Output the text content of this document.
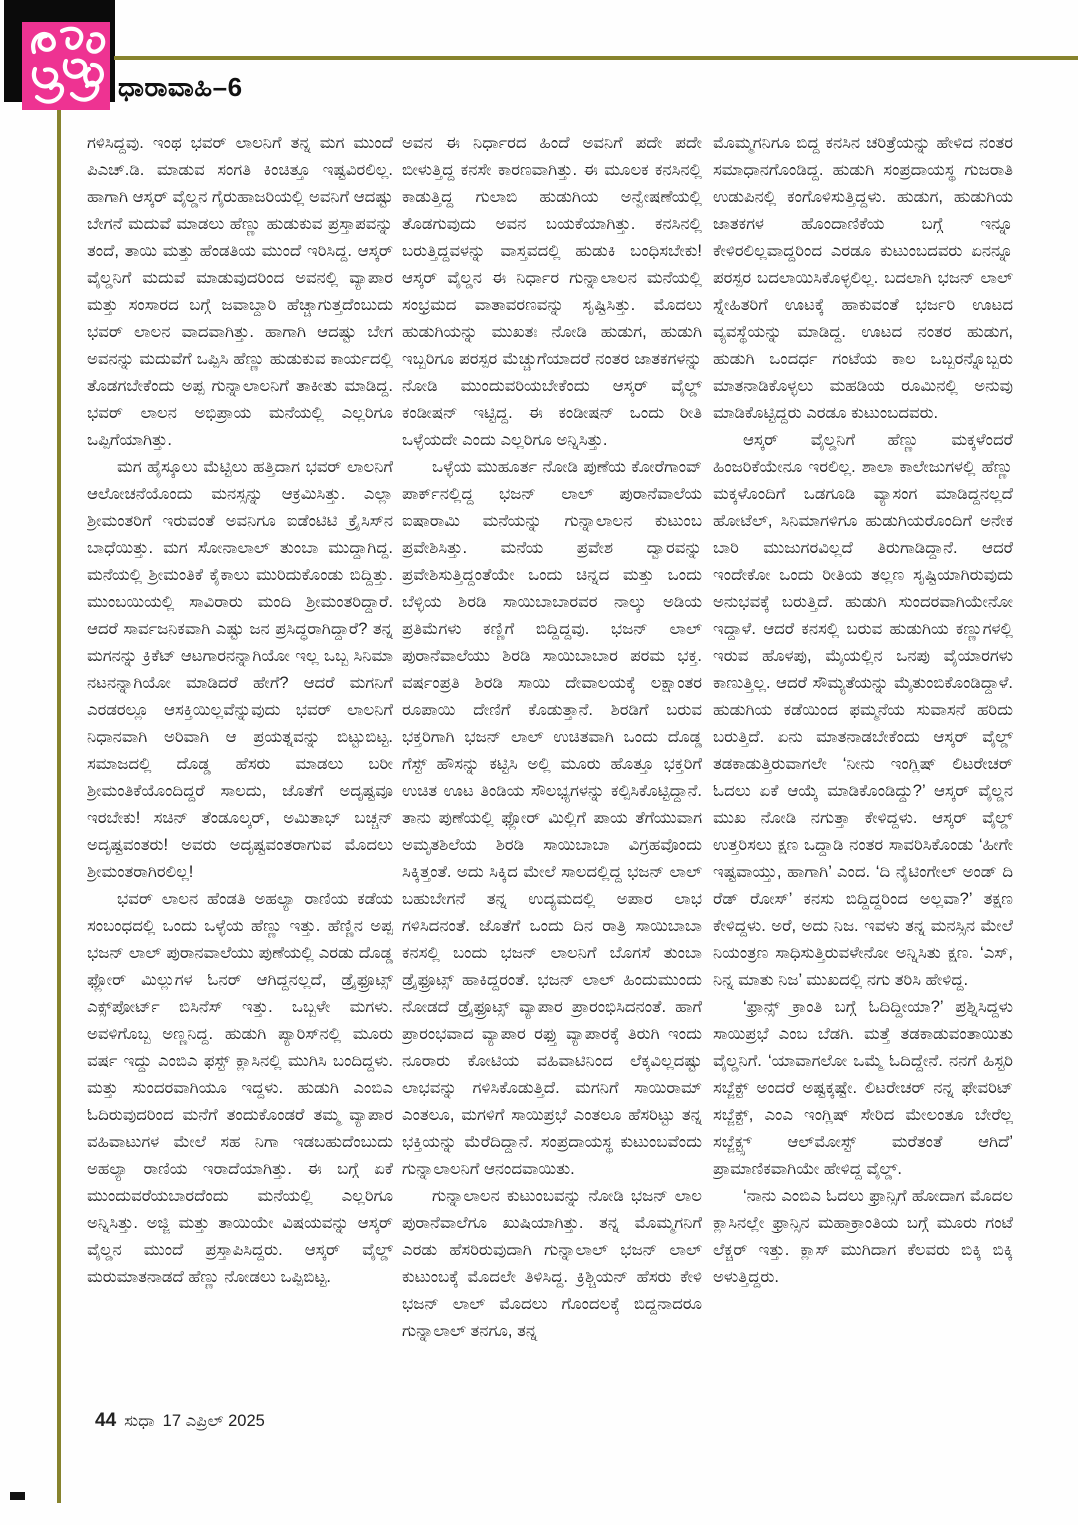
ಧಾರಾವಾಹಿ–6

ಗಳಿಸಿದ್ದವು. ಇಂಥ ಭವರ್ ಲಾಲನಿಗೆ ತನ್ನ ಮಗ ಮುಂದೆ ಪಿಎಚ್.ಡಿ. ಮಾಡುವ ಸಂಗತಿ ಕಿಂಚಿತ್ತೂ ಇಷ್ಟವಿರಲಿಲ್ಲ. ಹಾಗಾಗಿ ಆಸ್ಕರ್ ವೈಲ್ಡನ ಗೈರುಹಾಜರಿಯಲ್ಲಿ ಅವನಿಗೆ ಆದಷ್ಟು ಬೇಗನೆ ಮದುವೆ ಮಾಡಲು ಹೆಣ್ಣು ಹುಡುಕುವ ಪ್ರಸ್ತಾಪವನ್ನು ತಂದೆ, ತಾಯಿ ಮತ್ತು ಹೆಂಡತಿಯ ಮುಂದೆ ಇರಿಸಿದ್ದ. ಆಸ್ಕರ್ ವೈಲ್ಡನಿಗೆ ಮದುವೆ ಮಾಡುವುದರಿಂದ ಅವನಲ್ಲಿ ವ್ಯಾಪಾರ ಮತ್ತು ಸಂಸಾರದ ಬಗ್ಗೆ ಜವಾಬ್ದಾರಿ ಹೆಚ್ಚಾಗುತ್ತದೆಂಬುದು ಭವರ್ ಲಾಲನ ವಾದವಾಗಿತ್ತು. ಹಾಗಾಗಿ ಆದಷ್ಟು ಬೇಗ ಅವನನ್ನು ಮದುವೆಗೆ ಒಪ್ಪಿಸಿ ಹೆಣ್ಣು ಹುಡುಕುವ ಕಾರ್ಯದಲ್ಲಿ ತೊಡಗಬೇಕೆಂದು ಅಪ್ಪ ಗುನ್ನಾಲಾಲನಿಗೆ ತಾಕೀತು ಮಾಡಿದ್ದ. ಭವರ್ ಲಾಲನ ಅಭಿಪ್ರಾಯ ಮನೆಯಲ್ಲಿ ಎಲ್ಲರಿಗೂ ಒಪ್ಪಿಗೆಯಾಗಿತ್ತು.

ಮಗ ಹೈಸ್ಕೂಲು ಮೆಟ್ಟಿಲು ಹತ್ತಿದಾಗ ಭವರ್ ಲಾಲನಿಗೆ ಆಲೋಚನೆಯೊಂದು ಮನಸ್ಸನ್ನು ಆಕ್ರಮಿಸಿತ್ತು. ಎಲ್ಲಾ ಶ್ರೀಮಂತರಿಗೆ ಇರುವಂತೆ ಅವನಿಗೂ ಐಡೆಂಟಿಟಿ ಕ್ರೈಸಿಸ್‌ನ ಬಾಧೆಯಿತ್ತು. ಮಗ ಸೋನಾಲಾಲ್ ತುಂಬಾ ಮುದ್ದಾಗಿದ್ದ. ಮನೆಯಲ್ಲಿ ಶ್ರೀಮಂತಿಕೆ ಕೈಕಾಲು ಮುರಿದುಕೊಂಡು ಬಿದ್ದಿತ್ತು. ಮುಂಬಯಿಯಲ್ಲಿ ಸಾವಿರಾರು ಮಂದಿ ಶ್ರೀಮಂತರಿದ್ದಾರೆ. ಆದರೆ ಸಾರ್ವಜನಿಕವಾಗಿ ಎಷ್ಟು ಜನ ಪ್ರಸಿದ್ಧರಾಗಿದ್ದಾರೆ? ತನ್ನ ಮಗನನ್ನು ಕ್ರಿಕೆಟ್ ಆಟಗಾರನನ್ನಾಗಿಯೋ ಇಲ್ಲ ಒಬ್ಬ ಸಿನಿಮಾ ನಟನನ್ನಾಗಿಯೋ ಮಾಡಿದರೆ ಹೇಗೆ? ಆದರೆ ಮಗನಿಗೆ ಎರಡರಲ್ಲೂ ಆಸಕ್ತಿಯಿಲ್ಲವೆನ್ನುವುದು ಭವರ್ ಲಾಲನಿಗೆ ನಿಧಾನವಾಗಿ ಅರಿವಾಗಿ ಆ ಪ್ರಯತ್ನವನ್ನು ಬಿಟ್ಟುಬಿಟ್ಟ. ಸಮಾಜದಲ್ಲಿ ದೊಡ್ಡ ಹೆಸರು ಮಾಡಲು ಬರೀ ಶ್ರೀಮಂತಿಕೆಯೊಂದಿದ್ದರೆ ಸಾಲದು, ಜೊತೆಗೆ ಅದೃಷ್ಟವೂ ಇರಬೇಕು! ಸಚಿನ್ ತೆಂಡೂಲ್ಕರ್, ಅಮಿತಾಭ್ ಬಚ್ಚನ್ ಅದೃಷ್ಟವಂತರು! ಅವರು ಅದೃಷ್ಟವಂತರಾಗುವ ಮೊದಲು ಶ್ರೀಮಂತರಾಗಿರಲಿಲ್ಲ!

ಭವರ್ ಲಾಲನ ಹೆಂಡತಿ ಅಹಲ್ಯಾ ರಾಣಿಯ ಕಡೆಯ ಸಂಬಂಧದಲ್ಲಿ ಒಂದು ಒಳ್ಳೆಯ ಹೆಣ್ಣು ಇತ್ತು. ಹೆಣ್ಣಿನ ಅಪ್ಪ ಭಜನ್ ಲಾಲ್ ಪುರಾನವಾಲೆಯು ಪುಣೆಯಲ್ಲಿ ಎರಡು ದೊಡ್ಡ ಫ್ಲೋರ್ ಮಿಲ್ಲುಗಳ ಓನರ್ ಆಗಿದ್ದನಲ್ಲದೆ, ಡ್ರೈಫ್ರೂಟ್ಸ್ ಎಕ್ಸ್‌ಪೋರ್ಟ್ ಬಿಸಿನೆಸ್ ಇತ್ತು. ಒಬ್ಬಳೇ ಮಗಳು. ಅವಳಿಗೊಬ್ಬ ಅಣ್ಣನಿದ್ದ. ಹುಡುಗಿ ಪ್ಯಾರಿಸ್‌ನಲ್ಲಿ ಮೂರು ವರ್ಷ ಇದ್ದು ಎಂಬಿಎ ಫಸ್ಟ್ ಕ್ಲಾಸಿನಲ್ಲಿ ಮುಗಿಸಿ ಬಂದಿದ್ದಳು. ಮತ್ತು ಸುಂದರವಾಗಿಯೂ ಇದ್ದಳು. ಹುಡುಗಿ ಎಂಬಿಎ ಓದಿರುವುದರಿಂದ ಮನೆಗೆ ತಂದುಕೊಂಡರೆ ತಮ್ಮ ವ್ಯಾಪಾರ ವಹಿವಾಟುಗಳ ಮೇಲೆ ಸಹ ನಿಗಾ ಇಡಬಹುದೆಂಬುದು ಅಹಲ್ಯಾ ರಾಣಿಯ ಇರಾದೆಯಾಗಿತ್ತು. ಈ ಬಗ್ಗೆ ಏಕೆ ಮುಂದುವರೆಯಬಾರದೆಂದು ಮನೆಯಲ್ಲಿ ಎಲ್ಲರಿಗೂ ಅನ್ನಿಸಿತ್ತು. ಅಜ್ಜಿ ಮತ್ತು ತಾಯಿಯೇ ವಿಷಯವನ್ನು ಆಸ್ಕರ್ ವೈಲ್ಡನ ಮುಂದೆ ಪ್ರಸ್ತಾಪಿಸಿದ್ದರು. ಆಸ್ಕರ್ ವೈಲ್ಡ್ ಮರುಮಾತನಾಡದೆ ಹೆಣ್ಣು ನೋಡಲು ಒಪ್ಪಿಬಿಟ್ಟ.

ಅವನ ಈ ನಿರ್ಧಾರದ ಹಿಂದೆ ಅವನಿಗೆ ಪದೇ ಪದೇ ಬೀಳುತ್ತಿದ್ದ ಕನಸೇ ಕಾರಣವಾಗಿತ್ತು. ಈ ಮೂಲಕ ಕನಸಿನಲ್ಲಿ ಕಾಡುತ್ತಿದ್ದ ಗುಲಾಬಿ ಹುಡುಗಿಯ ಅನ್ವೇಷಣೆಯಲ್ಲಿ ತೊಡಗುವುದು ಅವನ ಬಯಕೆಯಾಗಿತ್ತು. ಕನಸಿನಲ್ಲಿ ಬರುತ್ತಿದ್ದವಳನ್ನು ವಾಸ್ತವದಲ್ಲಿ ಹುಡುಕಿ ಬಂಧಿಸಬೇಕು! ಆಸ್ಕರ್ ವೈಲ್ಡನ ಈ ನಿರ್ಧಾರ ಗುನ್ನಾಲಾಲನ ಮನೆಯಲ್ಲಿ ಸಂಭ್ರಮದ ವಾತಾವರಣವನ್ನು ಸೃಷ್ಟಿಸಿತ್ತು. ಮೊದಲು ಹುಡುಗಿಯನ್ನು ಮುಖತಃ ನೋಡಿ ಹುಡುಗ, ಹುಡುಗಿ ಇಬ್ಬರಿಗೂ ಪರಸ್ಪರ ಮೆಚ್ಚುಗೆಯಾದರೆ ನಂತರ ಜಾತಕಗಳನ್ನು ನೋಡಿ ಮುಂದುವರಿಯಬೇಕೆಂದು ಆಸ್ಕರ್ ವೈಲ್ಡ್ ಕಂಡೀಷನ್ ಇಟ್ಟಿದ್ದ. ಈ ಕಂಡೀಷನ್ ಒಂದು ರೀತಿ ಒಳ್ಳೆಯದೇ ಎಂದು ಎಲ್ಲರಿಗೂ ಅನ್ನಿಸಿತ್ತು.

ಒಳ್ಳೆಯ ಮುಹೂರ್ತ ನೋಡಿ ಪುಣೆಯ ಕೋರೆಗಾಂವ್ ಪಾರ್ಕ್‌ನಲ್ಲಿದ್ದ ಭಜನ್ ಲಾಲ್ ಪುರಾನೆವಾಲೆಯ ಐಷಾರಾಮಿ ಮನೆಯನ್ನು ಗುನ್ನಾಲಾಲನ ಕುಟುಂಬ ಪ್ರವೇಶಿಸಿತ್ತು. ಮನೆಯ ಪ್ರವೇಶ ದ್ವಾರವನ್ನು ಪ್ರವೇಶಿಸುತ್ತಿದ್ದಂತೆಯೇ ಒಂದು ಚಿನ್ನದ ಮತ್ತು ಒಂದು ಬೆಳ್ಳಿಯ ಶಿರಡಿ ಸಾಯಿಬಾಬಾರವರ ನಾಲ್ಕು ಅಡಿಯ ಪ್ರತಿಮೆಗಳು ಕಣ್ಣಿಗೆ ಬಿದ್ದಿದ್ದವು. ಭಜನ್ ಲಾಲ್ ಪುರಾನೆವಾಲೆಯು ಶಿರಡಿ ಸಾಯಿಬಾಬಾರ ಪರಮ ಭಕ್ತ. ವರ್ಷಂಪ್ರತಿ ಶಿರಡಿ ಸಾಯಿ ದೇವಾಲಯಕ್ಕೆ ಲಕ್ಷಾಂತರ ರೂಪಾಯಿ ದೇಣಿಗೆ ಕೊಡುತ್ತಾನೆ. ಶಿರಡಿಗೆ ಬರುವ ಭಕ್ತರಿಗಾಗಿ ಭಜನ್ ಲಾಲ್ ಉಚಿತವಾಗಿ ಒಂದು ದೊಡ್ಡ ಗೆಸ್ಟ್ ಹೌಸನ್ನು ಕಟ್ಟಿಸಿ ಅಲ್ಲಿ ಮೂರು ಹೊತ್ತೂ ಭಕ್ತರಿಗೆ ಉಚಿತ ಊಟ ತಿಂಡಿಯ ಸೌಲಭ್ಯಗಳನ್ನು ಕಲ್ಪಿಸಿಕೊಟ್ಟಿದ್ದಾನೆ. ತಾನು ಪುಣೆಯಲ್ಲಿ ಫ್ಲೋರ್ ಮಿಲ್ಲಿಗೆ ಪಾಯ ತೆಗೆಯುವಾಗ ಅಮೃತಶಿಲೆಯ ಶಿರಡಿ ಸಾಯಿಬಾಬಾ ವಿಗ್ರಹವೊಂದು ಸಿಕ್ಕಿತ್ತಂತೆ. ಅದು ಸಿಕ್ಕಿದ ಮೇಲೆ ಸಾಲದಲ್ಲಿದ್ದ ಭಜನ್ ಲಾಲ್ ಬಹುಬೇಗನೆ ತನ್ನ ಉದ್ಯಮದಲ್ಲಿ ಅಪಾರ ಲಾಭ ಗಳಿಸಿದನಂತೆ. ಜೊತೆಗೆ ಒಂದು ದಿನ ರಾತ್ರಿ ಸಾಯಿಬಾಬಾ ಕನಸಲ್ಲಿ ಬಂದು ಭಜನ್ ಲಾಲನಿಗೆ ಬೊಗಸೆ ತುಂಬಾ ಡ್ರೈಫ್ರೂಟ್ಸ್ ಹಾಕಿದ್ದರಂತೆ. ಭಜನ್ ಲಾಲ್ ಹಿಂದುಮುಂದು ನೋಡದೆ ಡ್ರೈಫ್ರೂಟ್ಸ್ ವ್ಯಾಪಾರ ಪ್ರಾರಂಭಿಸಿದನಂತೆ. ಹಾಗೆ ಪ್ರಾರಂಭವಾದ ವ್ಯಾಪಾರ ರಫ್ತು ವ್ಯಾಪಾರಕ್ಕೆ ತಿರುಗಿ ಇಂದು ನೂರಾರು ಕೋಟಿಯ ವಹಿವಾಟಿನಿಂದ ಲೆಕ್ಕವಿಲ್ಲದಷ್ಟು ಲಾಭವನ್ನು ಗಳಿಸಿಕೊಡುತ್ತಿದೆ. ಮಗನಿಗೆ ಸಾಯಿರಾಮ್ ಎಂತಲೂ, ಮಗಳಿಗೆ ಸಾಯಿಪ್ರಭೆ ಎಂತಲೂ ಹೆಸರಿಟ್ಟು ತನ್ನ ಭಕ್ತಿಯನ್ನು ಮೆರೆದಿದ್ದಾನೆ. ಸಂಪ್ರದಾಯಸ್ಥ ಕುಟುಂಬವೆಂದು ಗುನ್ನಾಲಾಲನಿಗೆ ಆನಂದವಾಯಿತು.

ಗುನ್ನಾಲಾಲನ ಕುಟುಂಬವನ್ನು ನೋಡಿ ಭಜನ್ ಲಾಲ ಪುರಾನೆವಾಲೆಗೂ ಖುಷಿಯಾಗಿತ್ತು. ತನ್ನ ಮೊಮ್ಮಗನಿಗೆ ಎರಡು ಹೆಸರಿರುವುದಾಗಿ ಗುನ್ನಾಲಾಲ್ ಭಜನ್ ಲಾಲ್ ಕುಟುಂಬಕ್ಕೆ ಮೊದಲೇ ತಿಳಿಸಿದ್ದ. ಕ್ರಿಶ್ಚಿಯನ್ ಹೆಸರು ಕೇಳಿ ಭಜನ್ ಲಾಲ್ ಮೊದಲು ಗೊಂದಲಕ್ಕೆ ಬಿದ್ದನಾದರೂ ಗುನ್ನಾಲಾಲ್ ತನಗೂ, ತನ್ನ

ಮೊಮ್ಮಗನಿಗೂ ಬಿದ್ದ ಕನಸಿನ ಚರಿತ್ರೆಯನ್ನು ಹೇಳಿದ ನಂತರ ಸಮಾಧಾನಗೊಂಡಿದ್ದ. ಹುಡುಗಿ ಸಂಪ್ರದಾಯಸ್ಥ ಗುಜರಾತಿ ಉಡುಪಿನಲ್ಲಿ ಕಂಗೊಳಿಸುತ್ತಿದ್ದಳು. ಹುಡುಗ, ಹುಡುಗಿಯ ಜಾತಕಗಳ ಹೊಂದಾಣಿಕೆಯ ಬಗ್ಗೆ ಇನ್ನೂ ಕೇಳಿರಲಿಲ್ಲವಾದ್ದರಿಂದ ಎರಡೂ ಕುಟುಂಬದವರು ಏನನ್ನೂ ಪರಸ್ಪರ ಬದಲಾಯಿಸಿಕೊಳ್ಳಲಿಲ್ಲ. ಬದಲಾಗಿ ಭಜನ್ ಲಾಲ್ ಸ್ನೇಹಿತರಿಗೆ ಊಟಕ್ಕೆ ಹಾಕುವಂತೆ ಭರ್ಜರಿ ಊಟದ ವ್ಯವಸ್ಥೆಯನ್ನು ಮಾಡಿದ್ದ. ಊಟದ ನಂತರ ಹುಡುಗ, ಹುಡುಗಿ ಒಂದರ್ಧ ಗಂಟೆಯ ಕಾಲ ಒಬ್ಬರನ್ನೊಬ್ಬರು ಮಾತನಾಡಿಕೊಳ್ಳಲು ಮಹಡಿಯ ರೂಮಿನಲ್ಲಿ ಅನುವು ಮಾಡಿಕೊಟ್ಟಿದ್ದರು ಎರಡೂ ಕುಟುಂಬದವರು.

ಆಸ್ಕರ್ ವೈಲ್ಡನಿಗೆ ಹೆಣ್ಣು ಮಕ್ಕಳೆಂದರೆ ಹಿಂಜರಿಕೆಯೇನೂ ಇರಲಿಲ್ಲ. ಶಾಲಾ ಕಾಲೇಜುಗಳಲ್ಲಿ ಹೆಣ್ಣು ಮಕ್ಕಳೊಂದಿಗೆ ಒಡಗೂಡಿ ವ್ಯಾಸಂಗ ಮಾಡಿದ್ದನಲ್ಲದೆ ಹೋಟೆಲ್, ಸಿನಿಮಾಗಳಿಗೂ ಹುಡುಗಿಯರೊಂದಿಗೆ ಅನೇಕ ಬಾರಿ ಮುಜುಗರವಿಲ್ಲದೆ ತಿರುಗಾಡಿದ್ದಾನೆ. ಆದರೆ ಇಂದೇಕೋ ಒಂದು ರೀತಿಯ ತಲ್ಲಣ ಸೃಷ್ಟಿಯಾಗಿರುವುದು ಅನುಭವಕ್ಕೆ ಬರುತ್ತಿದೆ. ಹುಡುಗಿ ಸುಂದರವಾಗಿಯೇನೋ ಇದ್ದಾಳೆ. ಆದರೆ ಕನಸಲ್ಲಿ ಬರುವ ಹುಡುಗಿಯ ಕಣ್ಣುಗಳಲ್ಲಿ ಇರುವ ಹೊಳಪು, ಮೈಯಲ್ಲಿನ ಒನಪು ವೈಯಾರಗಳು ಕಾಣುತ್ತಿಲ್ಲ. ಆದರೆ ಸೌಮ್ಯತೆಯನ್ನು ಮೈತುಂಬಿಕೊಂಡಿದ್ದಾಳೆ. ಹುಡುಗಿಯ ಕಡೆಯಿಂದ ಫಮ್ಮನೆಯ ಸುವಾಸನೆ ಹರಿದು ಬರುತ್ತಿದೆ. ಏನು ಮಾತನಾಡಬೇಕೆಂದು ಆಸ್ಕರ್ ವೈಲ್ಡ್ ತಡಕಾಡುತ್ತಿರುವಾಗಲೇ ‘ನೀನು ಇಂಗ್ಲಿಷ್ ಲಿಟರೇಚರ್ ಓದಲು ಏಕೆ ಆಯ್ಕೆ ಮಾಡಿಕೊಂಡಿದ್ದು?’ ಆಸ್ಕರ್ ವೈಲ್ಡನ ಮುಖ ನೋಡಿ ನಗುತ್ತಾ ಕೇಳಿದ್ದಳು. ಆಸ್ಕರ್ ವೈಲ್ಡ್ ಉತ್ತರಿಸಲು ಕ್ಷಣ ಒದ್ದಾಡಿ ನಂತರ ಸಾವರಿಸಿಕೊಂಡು ‘ಹೀಗೇ ಇಷ್ಟವಾಯ್ತು, ಹಾಗಾಗಿ’ ಎಂದ. ‘ದಿ ನೈಟಿಂಗೇಲ್ ಅಂಡ್ ದಿ ರೆಡ್ ರೋಸ್’ ಕನಸು ಬಿದ್ದಿದ್ದರಿಂದ ಅಲ್ಲವಾ?’ ತಕ್ಷಣ ಕೇಳಿದ್ದಳು. ಅರೆ, ಅದು ನಿಜ. ಇವಳು ತನ್ನ ಮನಸ್ಸಿನ ಮೇಲೆ ನಿಯಂತ್ರಣ ಸಾಧಿಸುತ್ತಿರುವಳೇನೋ ಅನ್ನಿಸಿತು ಕ್ಷಣ. ‘ಎಸ್, ನಿನ್ನ ಮಾತು ನಿಜ’ ಮುಖದಲ್ಲಿ ನಗು ತರಿಸಿ ಹೇಳಿದ್ದ.

‘ಫ್ರಾನ್ಸ್ ಕ್ರಾಂತಿ ಬಗ್ಗೆ ಓದಿದ್ದೀಯಾ?’ ಪ್ರಶ್ನಿಸಿದ್ದಳು ಸಾಯಿಪ್ರಭೆ ಎಂಬ ಬೆಡಗಿ. ಮತ್ತೆ ತಡಕಾಡುವಂತಾಯಿತು ವೈಲ್ಡನಿಗೆ. ‘ಯಾವಾಗಲೋ ಒಮ್ಮೆ ಓದಿದ್ದೇನೆ. ನನಗೆ ಹಿಸ್ಟರಿ ಸಬ್ಜೆಕ್ಟ್ ಅಂದರೆ ಅಷ್ಟಕ್ಕಷ್ಟೇ. ಲಿಟರೇಚರ್ ನನ್ನ ಫೇವರಿಟ್ ಸಬ್ಜೆಕ್ಟ್, ಎಂಎ ಇಂಗ್ಲಿಷ್ ಸೇರಿದ ಮೇಲಂತೂ ಬೇರೆಲ್ಲ ಸಬ್ಜೆಕ್ಟ್ಸ್ ಆಲ್‌ಮೋಸ್ಟ್ ಮರೆತಂತೆ ಆಗಿದೆ’ ಪ್ರಾಮಾಣಿಕವಾಗಿಯೇ ಹೇಳಿದ್ದ ವೈಲ್ಡ್.

‘ನಾನು ಎಂಬಿಎ ಓದಲು ಫ್ರಾನ್ಸಿಗೆ ಹೋದಾಗ ಮೊದಲ ಕ್ಲಾಸಿನಲ್ಲೇ ಫ್ರಾನ್ಸಿನ ಮಹಾಕ್ರಾಂತಿಯ ಬಗ್ಗೆ ಮೂರು ಗಂಟೆ ಲೆಕ್ಚರ್ ಇತ್ತು. ಕ್ಲಾಸ್ ಮುಗಿದಾಗ ಕೆಲವರು ಬಿಕ್ಕಿ ಬಿಕ್ಕಿ ಅಳುತ್ತಿದ್ದರು.

44 ಸುಧಾ 17 ಎಪ್ರಿಲ್ 2025
